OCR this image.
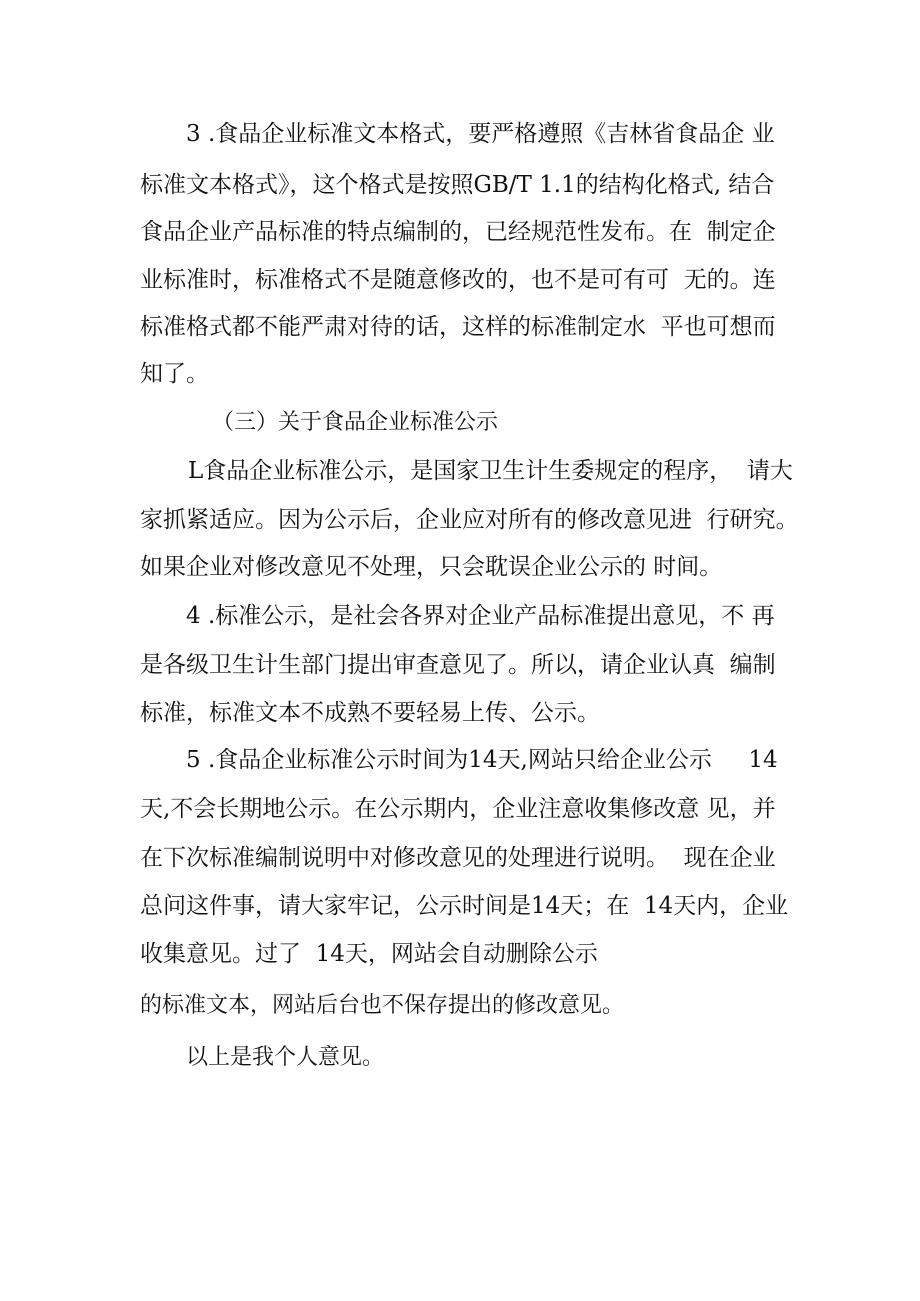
3 .食品企业标准文本格式，要严格遵照《吉林省食品企 业
标准文本格式》，这个格式是按照GB/T 1.1的结构化格式, 结合
食品企业产品标准的特点编制的，已经规范性发布。在  制定企
业标准时，标准格式不是随意修改的，也不是可有可  无的。连
标准格式都不能严肃对待的话，这样的标准制定水  平也可想而
知了。
（三）关于食品企业标准公示
L食品企业标准公示，是国家卫生计生委规定的程序，  请大
家抓紧适应。因为公示后，企业应对所有的修改意见进  行研究。
如果企业对修改意见不处理，只会耽误企业公示的 时间。
4 .标准公示，是社会各界对企业产品标准提出意见，不 再
是各级卫生计生部门提出审查意见了。所以，请企业认真  编制
标准，标准文本不成熟不要轻易上传、公示。
5 .食品企业标准公示时间为14天,网站只给企业公示     14
天,不会长期地公示。在公示期内，企业注意收集修改意 见，并
在下次标准编制说明中对修改意见的处理进行说明。  现在企业
总问这件事，请大家牢记，公示时间是14天；在  14天内，企业
收集意见。过了  14天，网站会自动删除公示
的标准文本，网站后台也不保存提出的修改意见。
以上是我个人意见。
